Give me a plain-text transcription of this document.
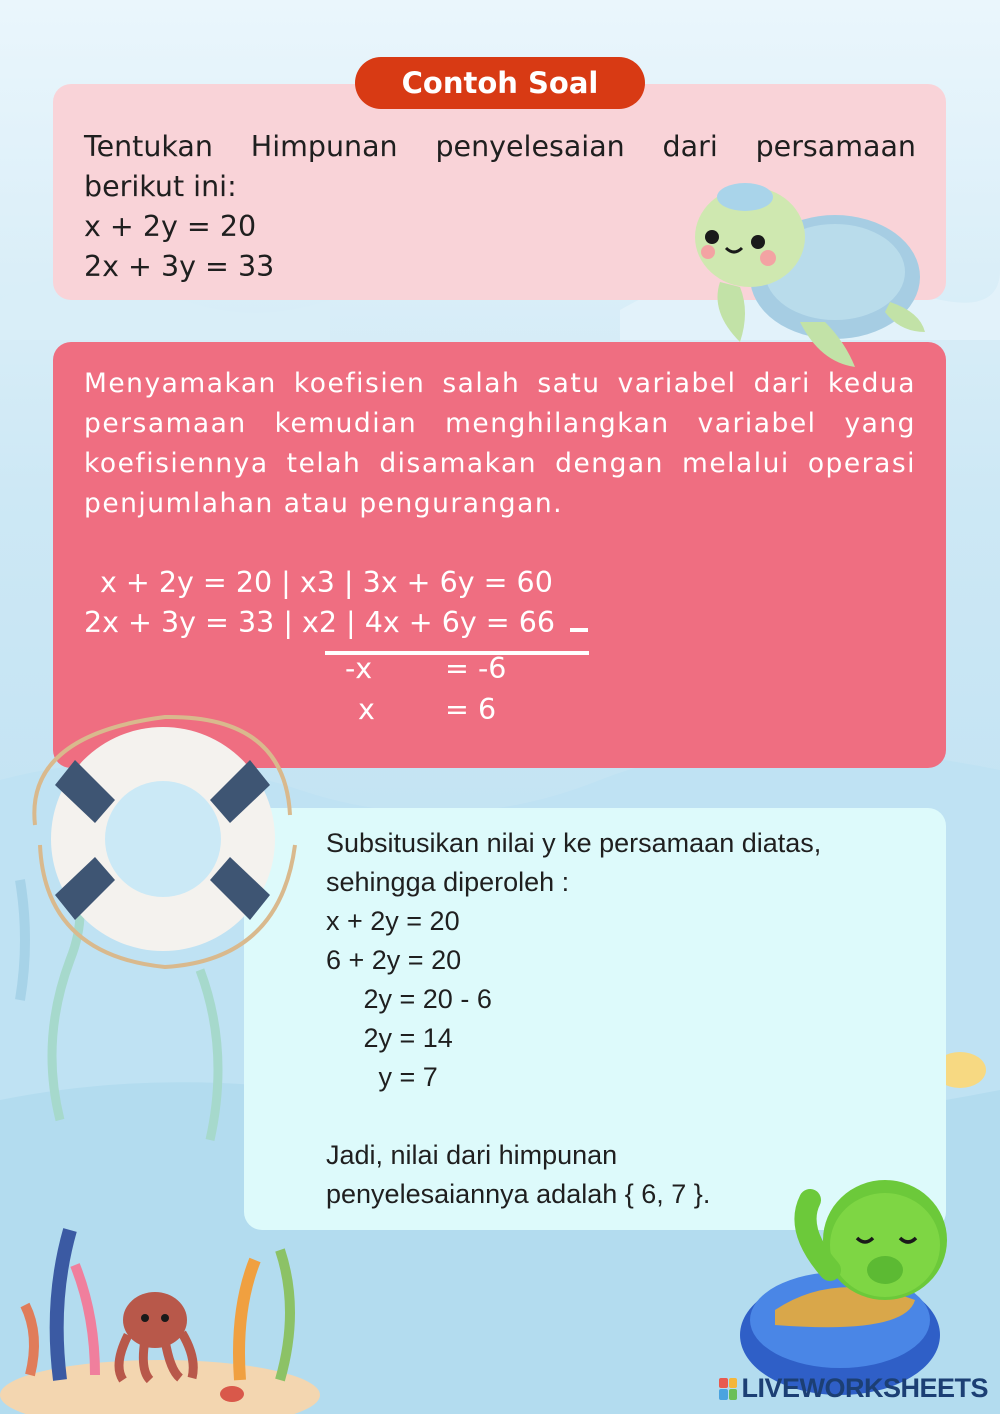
Contoh Soal
Tentukan Himpunan penyelesaian dari persamaan
berikut ini:
x + 2y = 20
2x + 3y = 33
Menyamakan koefisien salah satu variabel dari kedua
persamaan kemudian menghilangkan variabel yang
koefisiennya telah disamakan dengan melalui operasi
penjumlahan atau pengurangan.
x + 2y = 20 | x3 | 3x + 6y = 60
2x + 3y = 33 | x2 | 4x + 6y = 66
-x	= -6
x = 6
Subsitusikan nilai y ke persamaan diatas,
sehingga diperoleh :
x + 2y = 20
6 + 2y = 20
2y = 20 - 6
2y = 14
y = 7
Jadi, nilai dari himpunan
penyelesaiannya adalah { 6, 7 }.
LIVEWORKSHEETS
